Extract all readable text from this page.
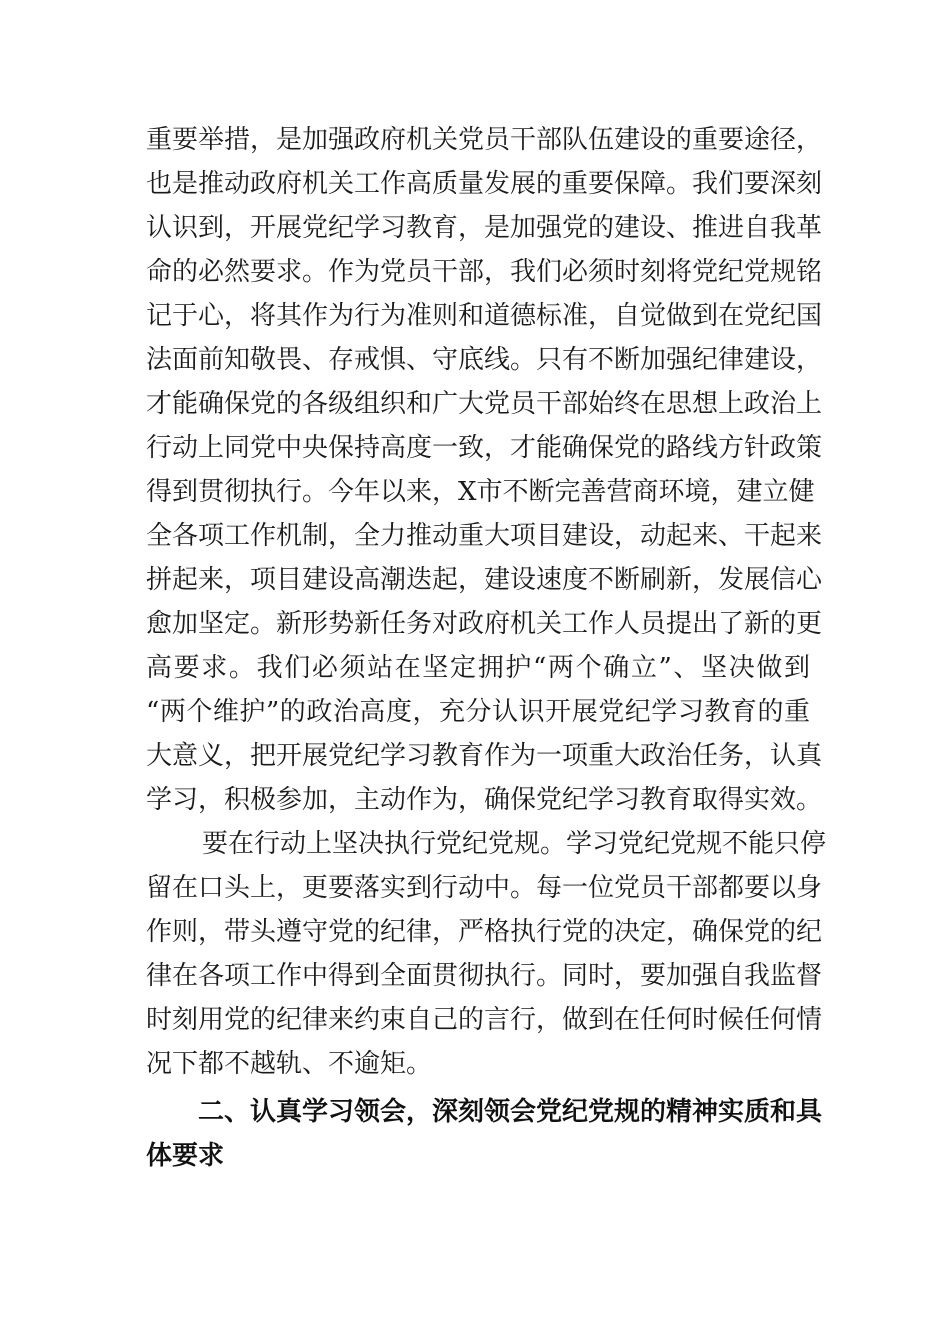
重要举措，是加强政府机关党员干部队伍建设的重要途径，
也是推动政府机关工作高质量发展的重要保障。我们要深刻
认识到，开展党纪学习教育，是加强党的建设、推进自我革
命的必然要求。作为党员干部，我们必须时刻将党纪党规铭
记于心，将其作为行为准则和道德标准，自觉做到在党纪国
法面前知敬畏、存戒惧、守底线。只有不断加强纪律建设，
才能确保党的各级组织和广大党员干部始终在思想上政治上
行动上同党中央保持高度一致，才能确保党的路线方针政策
得到贯彻执行。今年以来，X市不断完善营商环境，建立健
全各项工作机制，全力推动重大项目建设，动起来、干起来
拼起来，项目建设高潮迭起，建设速度不断刷新，发展信心
愈加坚定。新形势新任务对政府机关工作人员提出了新的更
高要求。我们必须站在坚定拥护“两个确立”、坚决做到
“两个维护”的政治高度，充分认识开展党纪学习教育的重
大意义，把开展党纪学习教育作为一项重大政治任务，认真
学习，积极参加，主动作为，确保党纪学习教育取得实效。
要在行动上坚决执行党纪党规。学习党纪党规不能只停
留在口头上，更要落实到行动中。每一位党员干部都要以身
作则，带头遵守党的纪律，严格执行党的决定，确保党的纪
律在各项工作中得到全面贯彻执行。同时，要加强自我监督
时刻用党的纪律来约束自己的言行，做到在任何时候任何情
况下都不越轨、不逾矩。
二、认真学习领会，深刻领会党纪党规的精神实质和具
体要求
